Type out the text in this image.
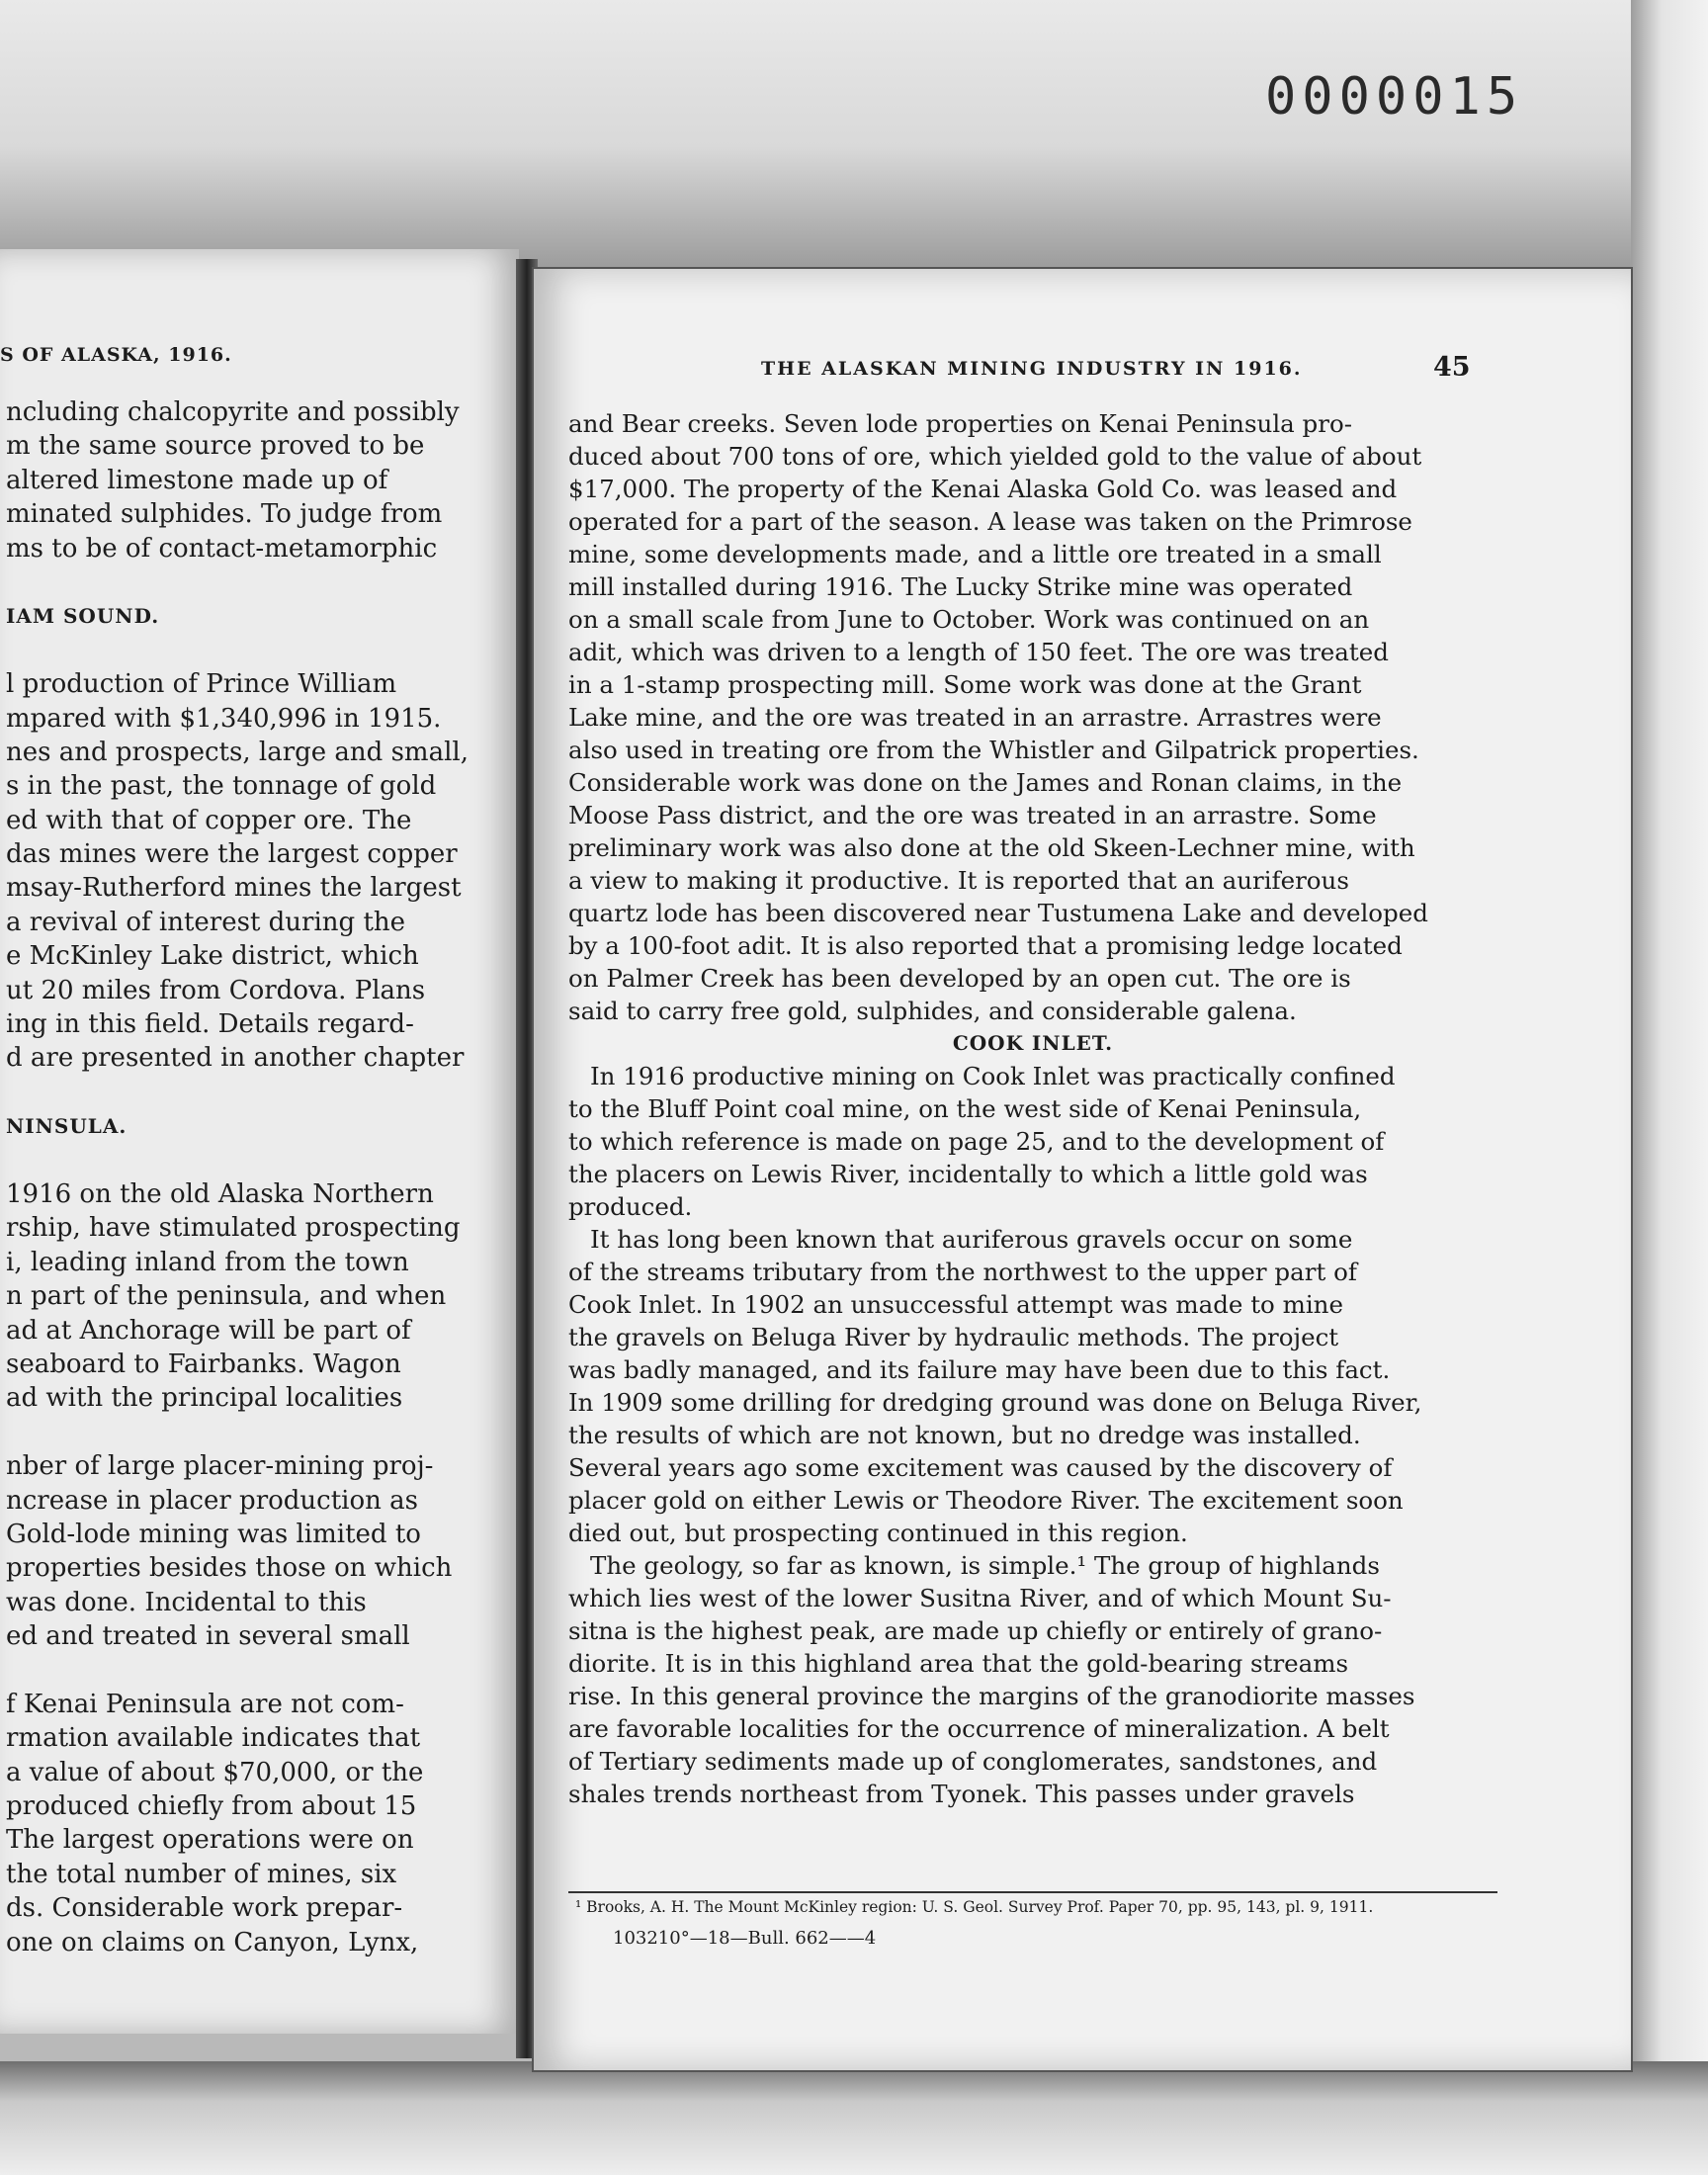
0000015
S OF ALASKA, 1916.
ncluding chalcopyrite and possibly
m the same source proved to be
altered limestone made up of
minated sulphides. To judge from
ms to be of contact-metamorphic
IAM SOUND.
l production of Prince William
mpared with $1,340,996 in 1915.
nes and prospects, large and small,
s in the past, the tonnage of gold
ed with that of copper ore. The
das mines were the largest copper
msay-Rutherford mines the largest
a revival of interest during the
e McKinley Lake district, which
ut 20 miles from Cordova. Plans
ing in this field. Details regard-
d are presented in another chapter
NINSULA.
1916 on the old Alaska Northern
rship, have stimulated prospecting
i, leading inland from the town
n part of the peninsula, and when
ad at Anchorage will be part of
seaboard to Fairbanks. Wagon
ad with the principal localities
nber of large placer-mining proj-
ncrease in placer production as
Gold-lode mining was limited to
properties besides those on which
was done. Incidental to this
ed and treated in several small
f Kenai Peninsula are not com-
rmation available indicates that
a value of about $70,000, or the
produced chiefly from about 15
The largest operations were on
the total number of mines, six
ds. Considerable work prepar-
one on claims on Canyon, Lynx,
THE ALASKAN MINING INDUSTRY IN 1916.	45
and Bear creeks. Seven lode properties on Kenai Peninsula pro-
duced about 700 tons of ore, which yielded gold to the value of about
$17,000. The property of the Kenai Alaska Gold Co. was leased and
operated for a part of the season. A lease was taken on the Primrose
mine, some developments made, and a little ore treated in a small
mill installed during 1916. The Lucky Strike mine was operated
on a small scale from June to October. Work was continued on an
adit, which was driven to a length of 150 feet. The ore was treated
in a 1-stamp prospecting mill. Some work was done at the Grant
Lake mine, and the ore was treated in an arrastre. Arrastres were
also used in treating ore from the Whistler and Gilpatrick properties.
Considerable work was done on the James and Ronan claims, in the
Moose Pass district, and the ore was treated in an arrastre. Some
preliminary work was also done at the old Skeen-Lechner mine, with
a view to making it productive. It is reported that an auriferous
quartz lode has been discovered near Tustumena Lake and developed
by a 100-foot adit. It is also reported that a promising ledge located
on Palmer Creek has been developed by an open cut. The ore is
said to carry free gold, sulphides, and considerable galena.
COOK INLET.
In 1916 productive mining on Cook Inlet was practically confined
to the Bluff Point coal mine, on the west side of Kenai Peninsula,
to which reference is made on page 25, and to the development of
the placers on Lewis River, incidentally to which a little gold was
produced.
It has long been known that auriferous gravels occur on some
of the streams tributary from the northwest to the upper part of
Cook Inlet. In 1902 an unsuccessful attempt was made to mine
the gravels on Beluga River by hydraulic methods. The project
was badly managed, and its failure may have been due to this fact.
In 1909 some drilling for dredging ground was done on Beluga River,
the results of which are not known, but no dredge was installed.
Several years ago some excitement was caused by the discovery of
placer gold on either Lewis or Theodore River. The excitement soon
died out, but prospecting continued in this region.
The geology, so far as known, is simple.¹ The group of highlands
which lies west of the lower Susitna River, and of which Mount Su-
sitna is the highest peak, are made up chiefly or entirely of grano-
diorite. It is in this highland area that the gold-bearing streams
rise. In this general province the margins of the granodiorite masses
are favorable localities for the occurrence of mineralization. A belt
of Tertiary sediments made up of conglomerates, sandstones, and
shales trends northeast from Tyonek. This passes under gravels
¹ Brooks, A. H. The Mount McKinley region: U. S. Geol. Survey Prof. Paper 70, pp. 95, 143, pl. 9, 1911.
103210°—18—Bull. 662——4
